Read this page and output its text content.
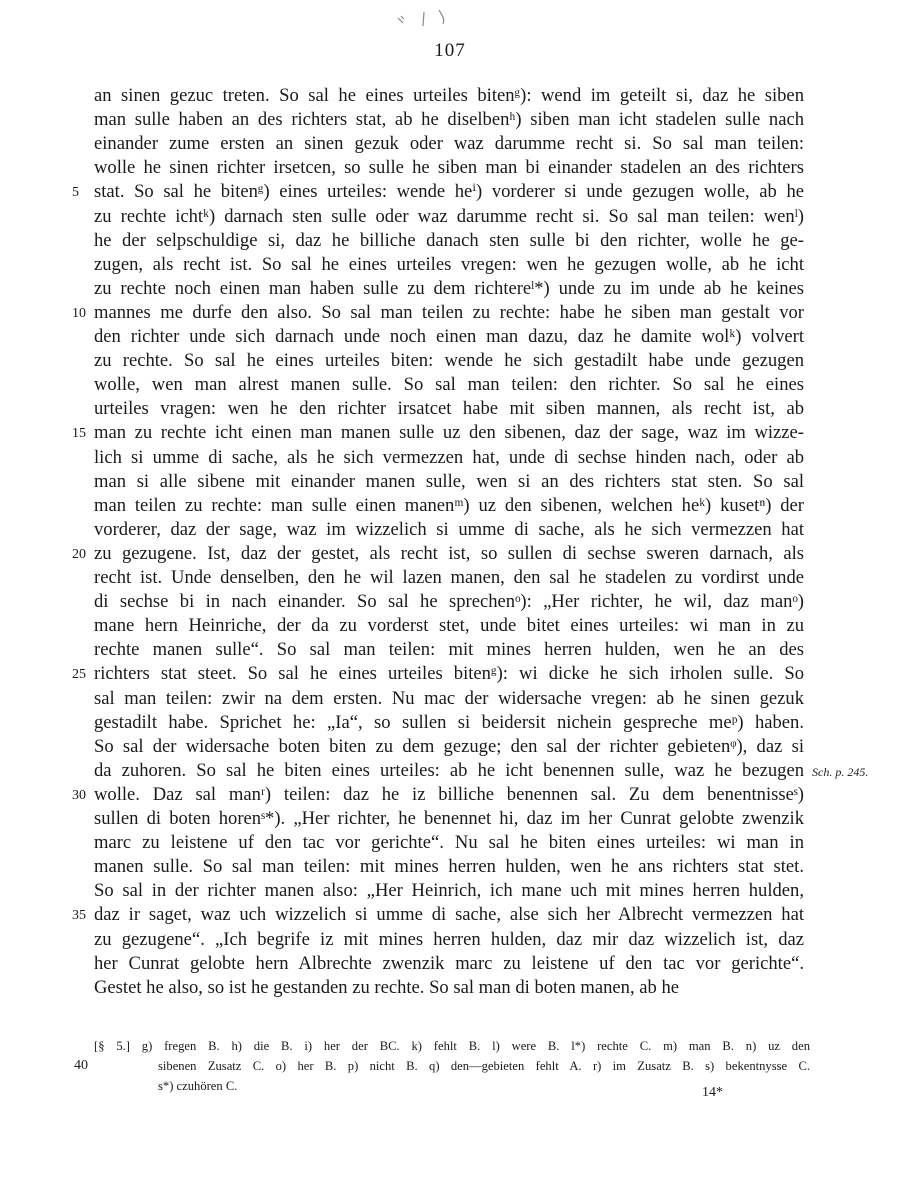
107
an sinen gezuc treten. So sal he eines urteiles bitenᵍ): wend im geteilt si, daz he siben
man sulle haben an des richters stat, ab he diselbenʰ) siben man icht stadelen sulle nach
einander zume ersten an sinen gezuk oder waz darumme recht si. So sal man teilen:
wolle he sinen richter irsetcen, so sulle he siben man bi einander stadelen an des richters
stat. So sal he bitenᵍ) eines urteiles: wende heⁱ) vorderer si unde gezugen wolle, ab he
5
zu rechte ichtᵏ) darnach sten sulle oder waz darumme recht si. So sal man teilen: wenˡ)
he der selpschuldige si, daz he billiche danach sten sulle bi den richter, wolle he ge-
zugen, als recht ist. So sal he eines urteiles vregen: wen he gezugen wolle, ab he icht
zu rechte noch einen man haben sulle zu dem richtereˡ*) unde zu im unde ab he keines
mannes me durfe den also. So sal man teilen zu rechte: habe he siben man gestalt vor
10
den richter unde sich darnach unde noch einen man dazu, daz he damite wolᵏ) volvert
zu rechte. So sal he eines urteiles biten: wende he sich gestadilt habe unde gezugen
wolle, wen man alrest manen sulle. So sal man teilen: den richter. So sal he eines
urteiles vragen: wen he den richter irsatcet habe mit siben mannen, als recht ist, ab
man zu rechte icht einen man manen sulle uz den sibenen, daz der sage, waz im wizze-
15
lich si umme di sache, als he sich vermezzen hat, unde di sechse hinden nach, oder ab
man si alle sibene mit einander manen sulle, wen si an des richters stat sten. So sal
man teilen zu rechte: man sulle einen manenᵐ) uz den sibenen, welchen heᵏ) kusetⁿ) der
vorderer, daz der sage, waz im wizzelich si umme di sache, als he sich vermezzen hat
zu gezugene. Ist, daz der gestet, als recht ist, so sullen di sechse sweren darnach, als
20
recht ist. Unde denselben, den he wil lazen manen, den sal he stadelen zu vordirst unde
di sechse bi in nach einander. So sal he sprechenᵒ): „Her richter, he wil, daz manᵒ)
mane hern Heinriche, der da zu vorderst stet, unde bitet eines urteiles: wi man in zu
rechte manen sulle“. So sal man teilen: mit mines herren hulden, wen he an des
richters stat steet. So sal he eines urteiles bitenᵍ): wi dicke he sich irholen sulle. So
25
sal man teilen: zwir na dem ersten. Nu mac der widersache vregen: ab he sinen gezuk
gestadilt habe. Sprichet he: „Ia“, so sullen si beidersit nichein gespreche meᵖ) haben.
So sal der widersache boten biten zu dem gezuge; den sal der richter gebietenᵠ), daz si
da zuhoren. So sal he biten eines urteiles: ab he icht benennen sulle, waz he bezugen Sch. p. 245.
wolle. Daz sal manʳ) teilen: daz he iz billiche benennen sal. Zu dem benentnisseˢ)
30
sullen di boten horenˢ*). „Her richter, he benennet hi, daz im her Cunrat gelobte zwenzik
marc zu leistene uf den tac vor gerichte“. Nu sal he biten eines urteiles: wi man in
manen sulle. So sal man teilen: mit mines herren hulden, wen he ans richters stat stet.
So sal in der richter manen also: „Her Heinrich, ich mane uch mit mines herren hulden,
daz ir saget, waz uch wizzelich si umme di sache, alse sich her Albrecht vermezzen hat
35
zu gezugene“. „Ich begrife iz mit mines herren hulden, daz mir daz wizzelich ist, daz
her Cunrat gelobte hern Albrechte zwenzik marc zu leistene uf den tac vor gerichte“.
Gestet he also, so ist he gestanden zu rechte. So sal man di boten manen, ab he
[§ 5.] g) fregen B. h) die B. i) her der BC. k) fehlt B. l) were B. l*) rechte C. m) man B. n) uz den
40	sibenen Zusatz C. o) her B. p) nicht B. q) den—gebieten fehlt A. r) im Zusatz B. s) bekentnysse C.
s*) czuhören C.	14*
